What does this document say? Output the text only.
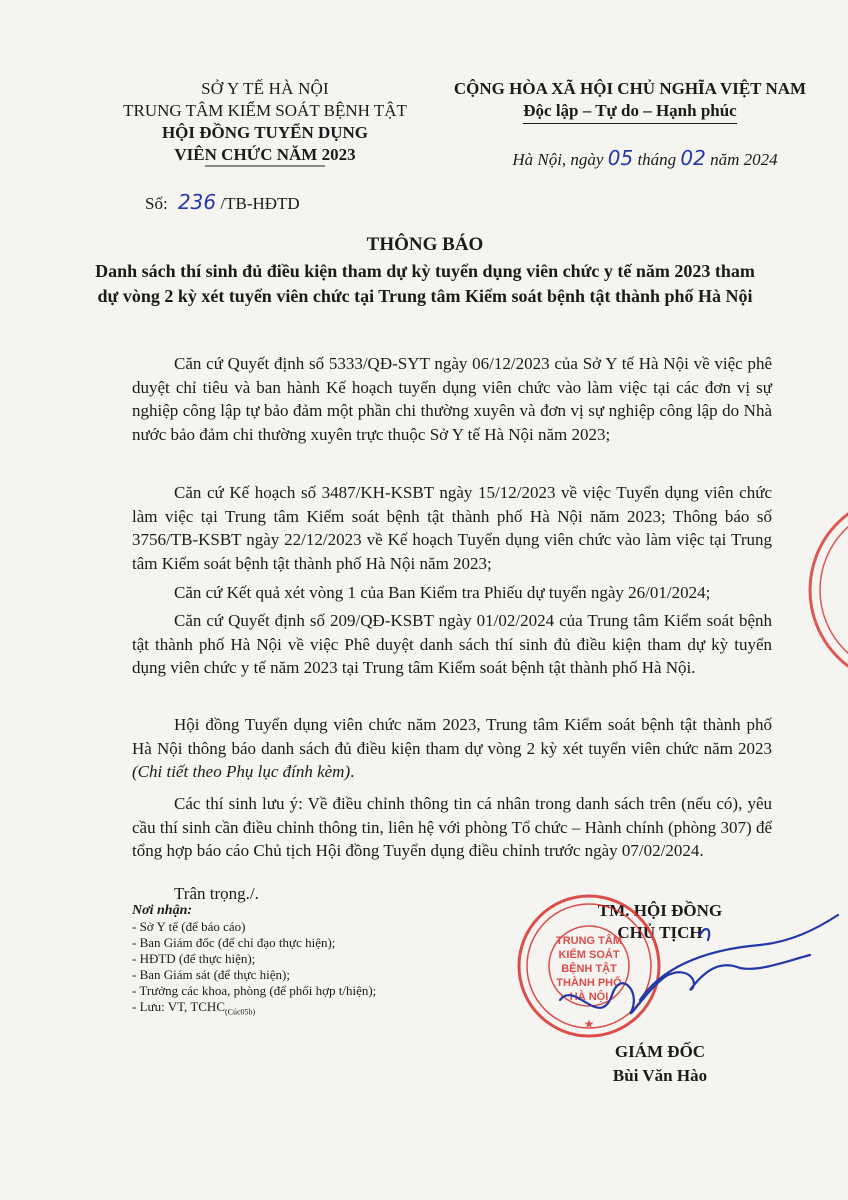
SỞ Y TẾ HÀ NỘI
TRUNG TÂM KIỂM SOÁT BỆNH TẬT
HỘI ĐỒNG TUYỂN DỤNG
VIÊN CHỨC NĂM 2023
CỘNG HÒA XÃ HỘI CHỦ NGHĨA VIỆT NAM
Độc lập – Tự do – Hạnh phúc
Hà Nội, ngày 05 tháng 02 năm 2024
Số: 236 /TB-HĐTD
THÔNG BÁO
Danh sách thí sinh đủ điều kiện tham dự kỳ tuyển dụng viên chức y tế năm 2023 tham dự vòng 2 kỳ xét tuyển viên chức tại Trung tâm Kiểm soát bệnh tật thành phố Hà Nội

Căn cứ Quyết định số 5333/QĐ-SYT ngày 06/12/2023 của Sở Y tế Hà Nội về việc phê duyệt chỉ tiêu và ban hành Kế hoạch tuyển dụng viên chức vào làm việc tại các đơn vị sự nghiệp công lập tự bảo đảm một phần chi thường xuyên và đơn vị sự nghiệp công lập do Nhà nước bảo đảm chi thường xuyên trực thuộc Sở Y tế Hà Nội năm 2023;

Căn cứ Kế hoạch số 3487/KH-KSBT ngày 15/12/2023 về việc Tuyển dụng viên chức làm việc tại Trung tâm Kiểm soát bệnh tật thành phố Hà Nội năm 2023; Thông báo số 3756/TB-KSBT ngày 22/12/2023 về Kế hoạch Tuyển dụng viên chức vào làm việc tại Trung tâm Kiểm soát bệnh tật thành phố Hà Nội năm 2023;

Căn cứ Kết quả xét vòng 1 của Ban Kiểm tra Phiếu dự tuyển ngày 26/01/2024;

Căn cứ Quyết định số 209/QĐ-KSBT ngày 01/02/2024 của Trung tâm Kiểm soát bệnh tật thành phố Hà Nội về việc Phê duyệt danh sách thí sinh đủ điều kiện tham dự kỳ tuyển dụng viên chức y tế năm 2023 tại Trung tâm Kiểm soát bệnh tật thành phố Hà Nội.

Hội đồng Tuyển dụng viên chức năm 2023, Trung tâm Kiểm soát bệnh tật thành phố Hà Nội thông báo danh sách đủ điều kiện tham dự vòng 2 kỳ xét tuyển viên chức năm 2023 (Chi tiết theo Phụ lục đính kèm).

Các thí sinh lưu ý: Về điều chỉnh thông tin cá nhân trong danh sách trên (nếu có), yêu cầu thí sinh cần điều chỉnh thông tin, liên hệ với phòng Tổ chức – Hành chính (phòng 307) để tổng hợp báo cáo Chủ tịch Hội đồng Tuyển dụng điều chỉnh trước ngày 07/02/2024.

Trân trọng./.
Nơi nhận:
- Sở Y tế (để báo cáo)
- Ban Giám đốc (để chỉ đạo thực hiện);
- HĐTD (để thực hiện);
- Ban Giám sát (để thực hiện);
- Trưởng các khoa, phòng (để phối hợp t/hiện);
- Lưu: VT, $TCHC_{(Cúc05b)}$
TM. HỘI ĐỒNG
CHỦ TỊCH
TRUNG TÂM
KIỂM SOÁT
BỆNH TẬT
THÀNH PHỐ
HÀ NỘI
★
GIÁM ĐỐC
Bùi Văn Hào
